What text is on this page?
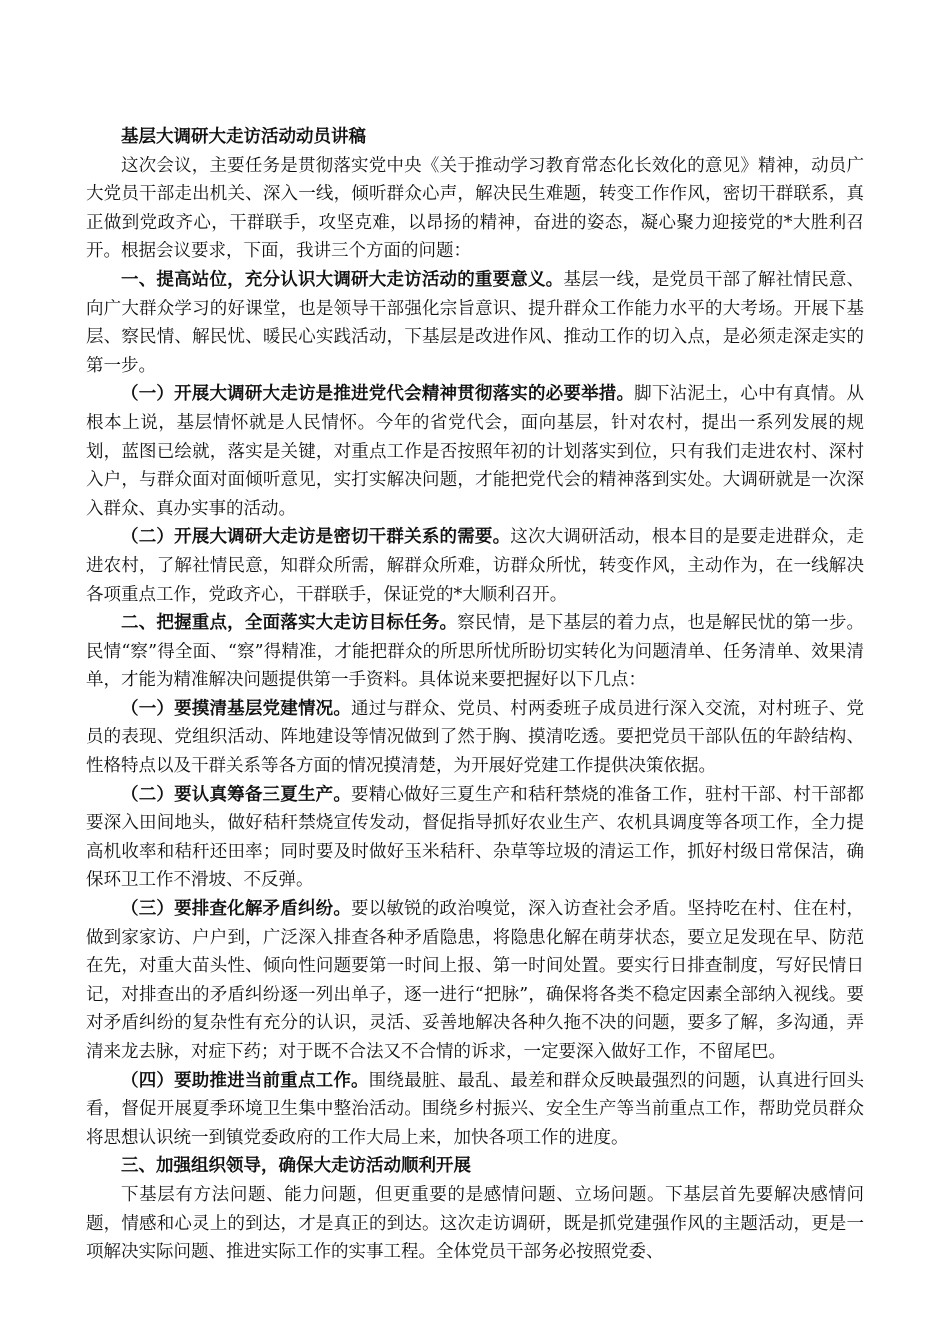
基层大调研大走访活动动员讲稿

这次会议，主要任务是贯彻落实党中央《关于推动学习教育常态化长效化的意见》精神，动员广大党员干部走出机关、深入一线，倾听群众心声，解决民生难题，转变工作作风，密切干群联系，真正做到党政齐心，干群联手，攻坚克难，以昂扬的精神，奋进的姿态，凝心聚力迎接党的*大胜利召开。根据会议要求，下面，我讲三个方面的问题：

一、提高站位，充分认识大调研大走访活动的重要意义。基层一线，是党员干部了解社情民意、向广大群众学习的好课堂，也是领导干部强化宗旨意识、提升群众工作能力水平的大考场。开展下基层、察民情、解民忧、暖民心实践活动，下基层是改进作风、推动工作的切入点，是必须走深走实的第一步。

（一）开展大调研大走访是推进党代会精神贯彻落实的必要举措。脚下沾泥土，心中有真情。从根本上说，基层情怀就是人民情怀。今年的省党代会，面向基层，针对农村，提出一系列发展的规划，蓝图已绘就，落实是关键，对重点工作是否按照年初的计划落实到位，只有我们走进农村、深村入户，与群众面对面倾听意见，实打实解决问题，才能把党代会的精神落到实处。大调研就是一次深入群众、真办实事的活动。

（二）开展大调研大走访是密切干群关系的需要。这次大调研活动，根本目的是要走进群众，走进农村，了解社情民意，知群众所需，解群众所难，访群众所忧，转变作风，主动作为，在一线解决各项重点工作，党政齐心，干群联手，保证党的*大顺利召开。

二、把握重点，全面落实大走访目标任务。察民情，是下基层的着力点，也是解民忧的第一步。民情“察”得全面、“察”得精准，才能把群众的所思所忧所盼切实转化为问题清单、任务清单、效果清单，才能为精准解决问题提供第一手资料。具体说来要把握好以下几点：

（一）要摸清基层党建情况。通过与群众、党员、村两委班子成员进行深入交流，对村班子、党员的表现、党组织活动、阵地建设等情况做到了然于胸、摸清吃透。要把党员干部队伍的年龄结构、性格特点以及干群关系等各方面的情况摸清楚，为开展好党建工作提供决策依据。

（二）要认真筹备三夏生产。要精心做好三夏生产和秸秆禁烧的准备工作，驻村干部、村干部都要深入田间地头，做好秸秆禁烧宣传发动，督促指导抓好农业生产、农机具调度等各项工作，全力提高机收率和秸秆还田率；同时要及时做好玉米秸秆、杂草等垃圾的清运工作，抓好村级日常保洁，确保环卫工作不滑坡、不反弹。

（三）要排查化解矛盾纠纷。要以敏锐的政治嗅觉，深入访查社会矛盾。坚持吃在村、住在村，做到家家访、户户到，广泛深入排查各种矛盾隐患，将隐患化解在萌芽状态，要立足发现在早、防范在先，对重大苗头性、倾向性问题要第一时间上报、第一时间处置。要实行日排查制度，写好民情日记，对排查出的矛盾纠纷逐一列出单子，逐一进行“把脉”，确保将各类不稳定因素全部纳入视线。要对矛盾纠纷的复杂性有充分的认识，灵活、妥善地解决各种久拖不决的问题，要多了解，多沟通，弄清来龙去脉，对症下药；对于既不合法又不合情的诉求，一定要深入做好工作，不留尾巴。

（四）要助推进当前重点工作。围绕最脏、最乱、最差和群众反映最强烈的问题，认真进行回头看，督促开展夏季环境卫生集中整治活动。围绕乡村振兴、安全生产等当前重点工作，帮助党员群众将思想认识统一到镇党委政府的工作大局上来，加快各项工作的进度。

三、加强组织领导，确保大走访活动顺利开展

下基层有方法问题、能力问题，但更重要的是感情问题、立场问题。下基层首先要解决感情问题，情感和心灵上的到达，才是真正的到达。这次走访调研，既是抓党建强作风的主题活动，更是一项解决实际问题、推进实际工作的实事工程。全体党员干部务必按照党委、
